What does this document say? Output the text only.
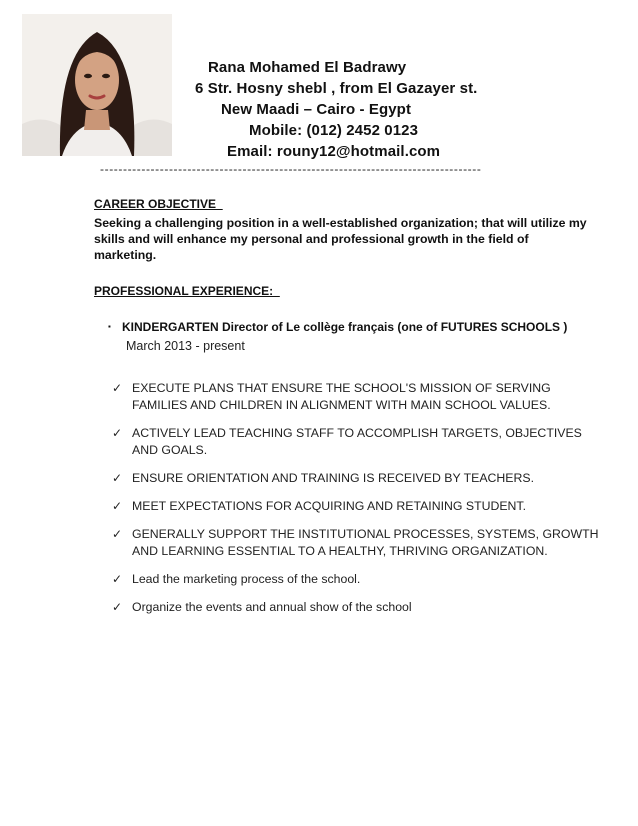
Rana Mohamed El Badrawy
6 Str. Hosny shebl , from El Gazayer st.
New Maadi – Cairo - Egypt
Mobile: (012) 2452 0123
Email: rouny12@hotmail.com
-----------------------------------------------------------------------------------
CAREER OBJECTIVE
Seeking a challenging position in a well-established organization; that will utilize my skills and will enhance my personal and professional growth in the field of marketing.
PROFESSIONAL EXPERIENCE:
▪ KINDERGARTEN Director of Le collège français (one of FUTURES SCHOOLS )
March 2013 - present
✓ EXECUTE PLANS THAT ENSURE THE SCHOOL'S MISSION OF SERVING FAMILIES AND CHILDREN IN ALIGNMENT WITH MAIN SCHOOL VALUES.
✓ ACTIVELY LEAD TEACHING STAFF TO ACCOMPLISH TARGETS, OBJECTIVES AND GOALS.
✓ ENSURE ORIENTATION AND TRAINING IS RECEIVED BY TEACHERS.
✓ MEET EXPECTATIONS FOR ACQUIRING AND RETAINING STUDENT.
✓ GENERALLY SUPPORT THE INSTITUTIONAL PROCESSES, SYSTEMS, GROWTH AND LEARNING ESSENTIAL TO A HEALTHY, THRIVING ORGANIZATION.
✓ Lead the marketing process of the school.
✓ Organize the events and annual show of the school
